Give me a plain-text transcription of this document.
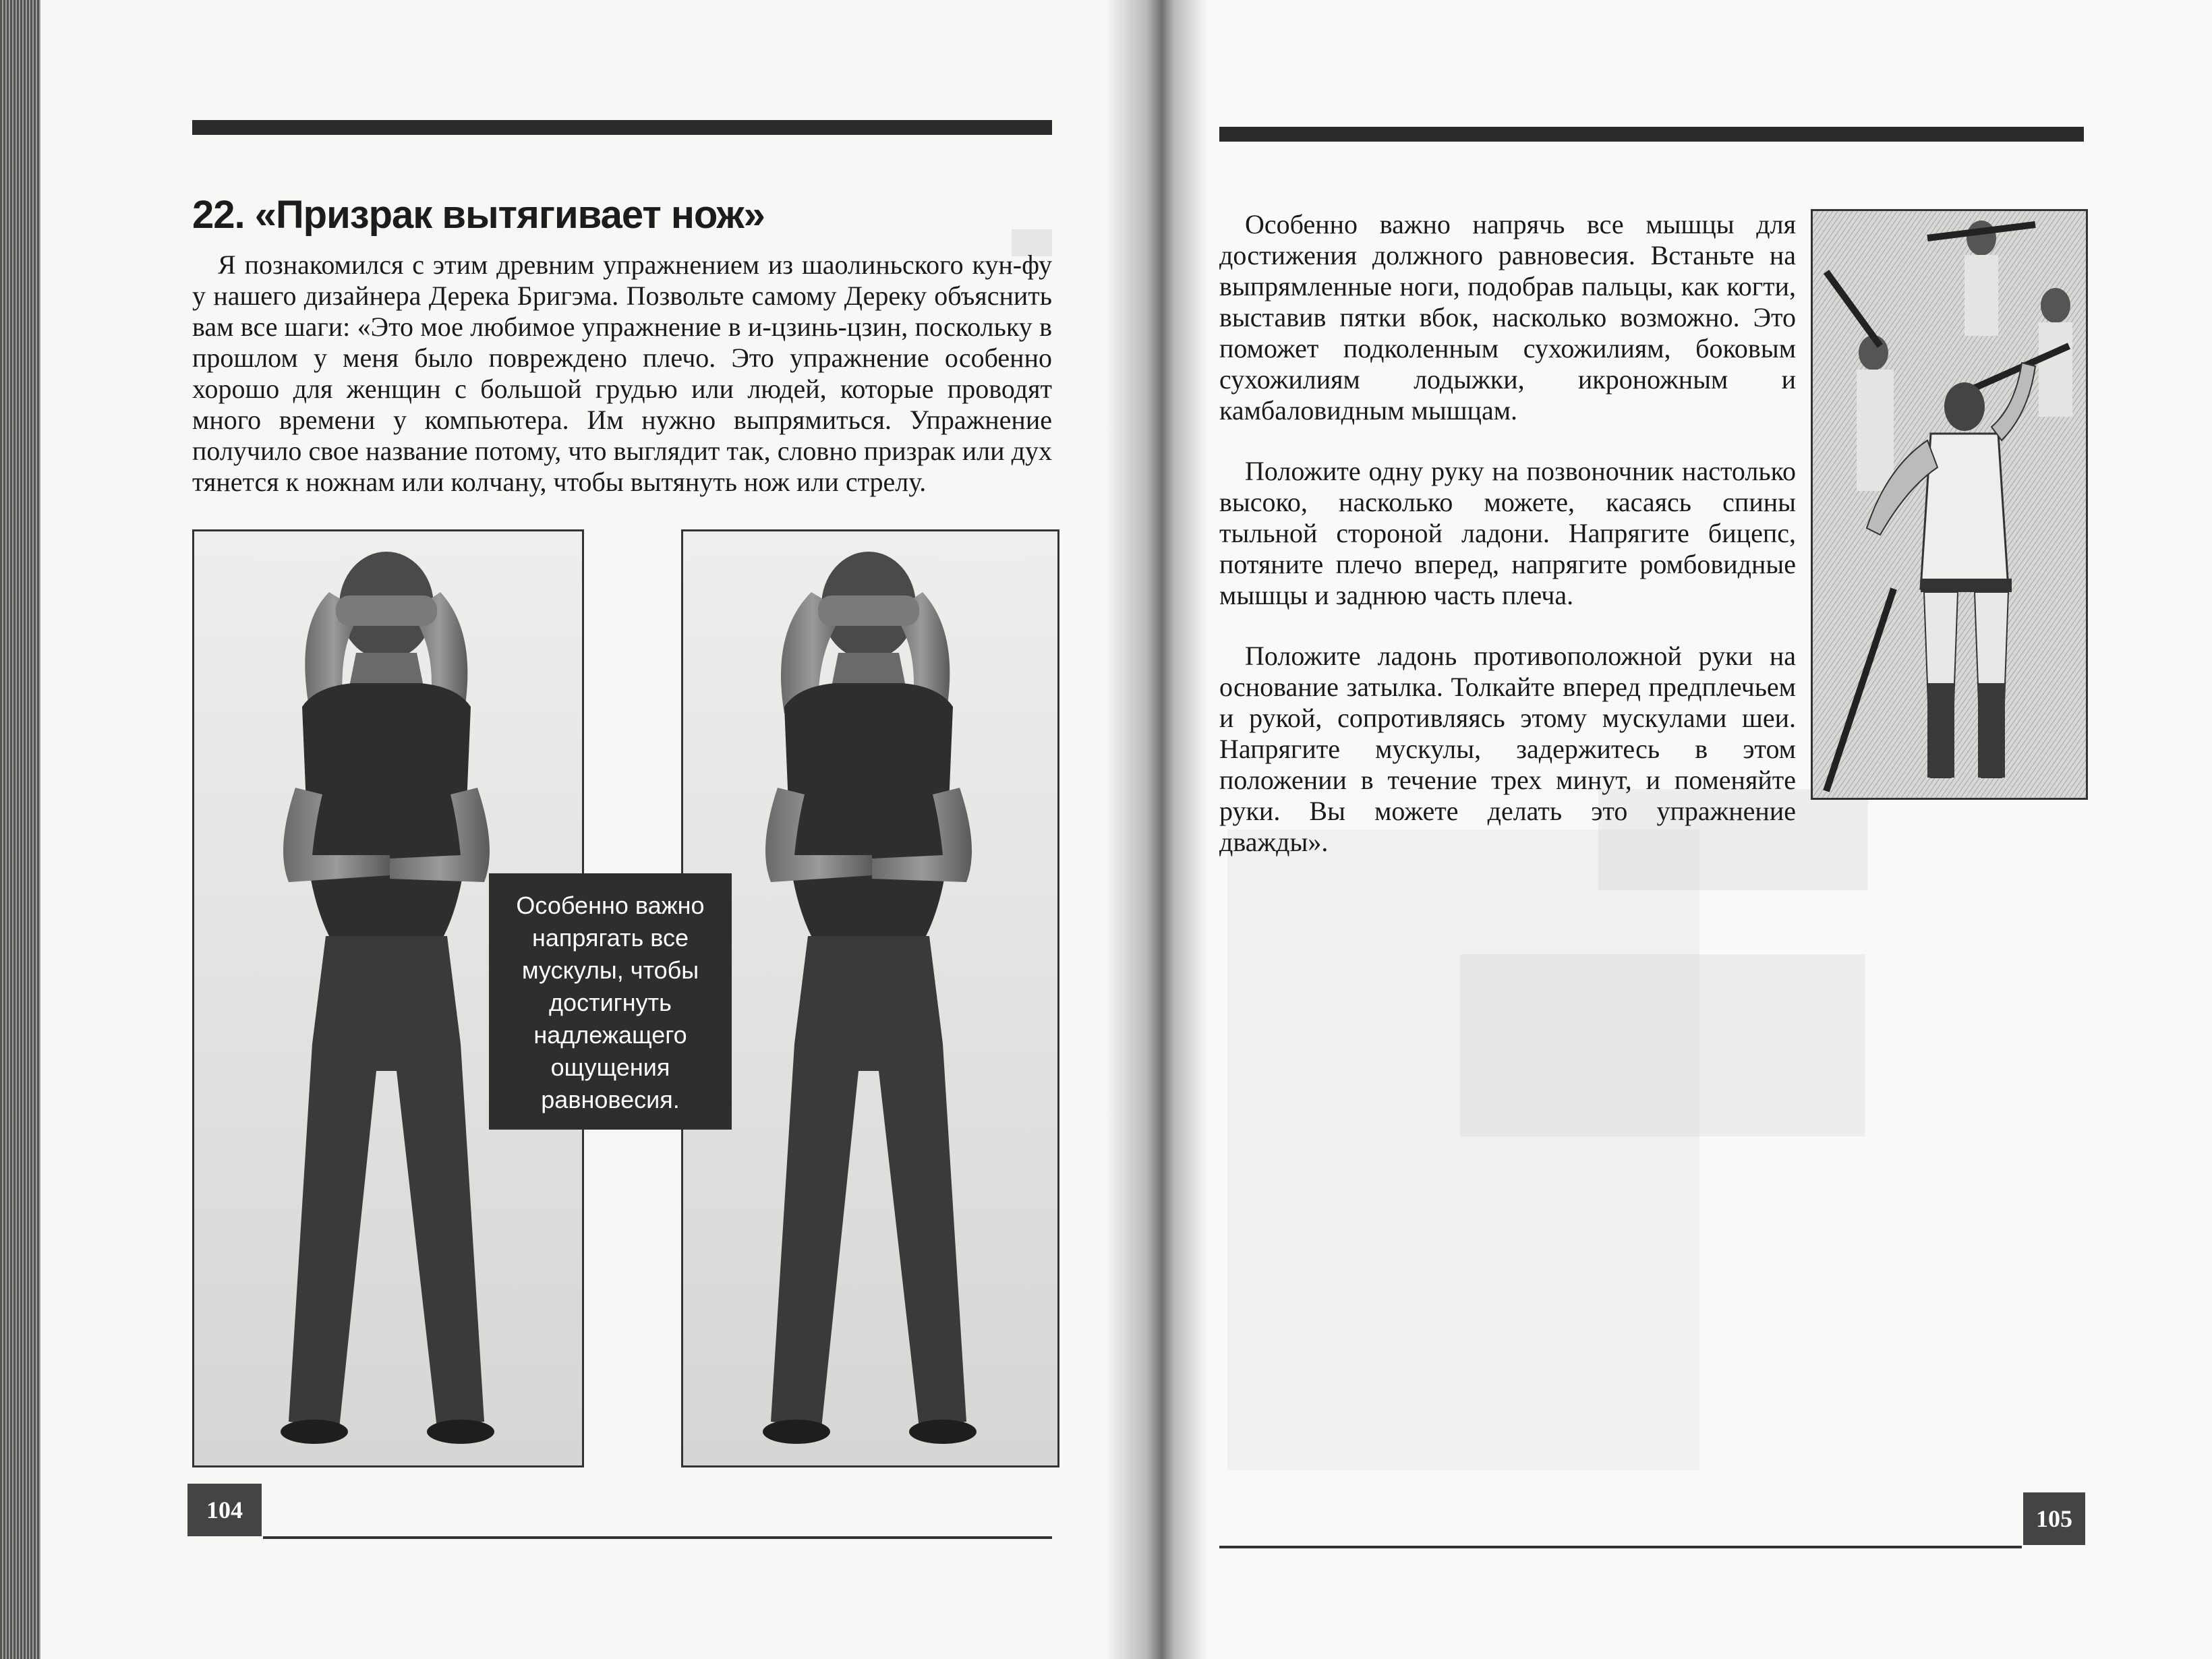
22. «Призрак вытягивает нож»

Я познакомился с этим древним упражнением из шаолиньского кун-фу у нашего дизайнера Дерека Бригэма. Позвольте самому Дереку объяснить вам все шаги: «Это мое любимое упражнение в и-цзинь-цзин, поскольку в прошлом у меня было повреждено плечо. Это упражнение особенно хорошо для женщин с большой грудью или людей, которые проводят много времени у компьютера. Им нужно выпрямиться. Упражнение получило свое название потому, что выглядит так, словно призрак или дух тянется к ножнам или колчану, чтобы вытянуть нож или стрелу.

Особенно важно напрягать все мускулы, чтобы достигнуть надлежащего ощущения равновесия.
104

Особенно важно напрячь все мышцы для достижения должного равновесия. Встаньте на выпрямленные ноги, подобрав пальцы, как когти, выставив пятки вбок, насколько возможно. Это поможет подколенным сухожилиям, боковым сухожилиям лодыжки, икроножным и камбаловидным мышцам.

Положите одну руку на позвоночник настолько высоко, насколько можете, касаясь спины тыльной стороной ладони. Напрягите бицепс, потяните плечо вперед, напрягите ромбовидные мышцы и заднюю часть плеча.

Положите ладонь противоположной руки на основание затылка. Толкайте вперед предплечьем и рукой, сопротивляясь этому мускулами шеи. Напрягите мускулы, задержитесь в этом положении в течение трех минут, и поменяйте руки. Вы можете делать это упражнение дважды».

105
